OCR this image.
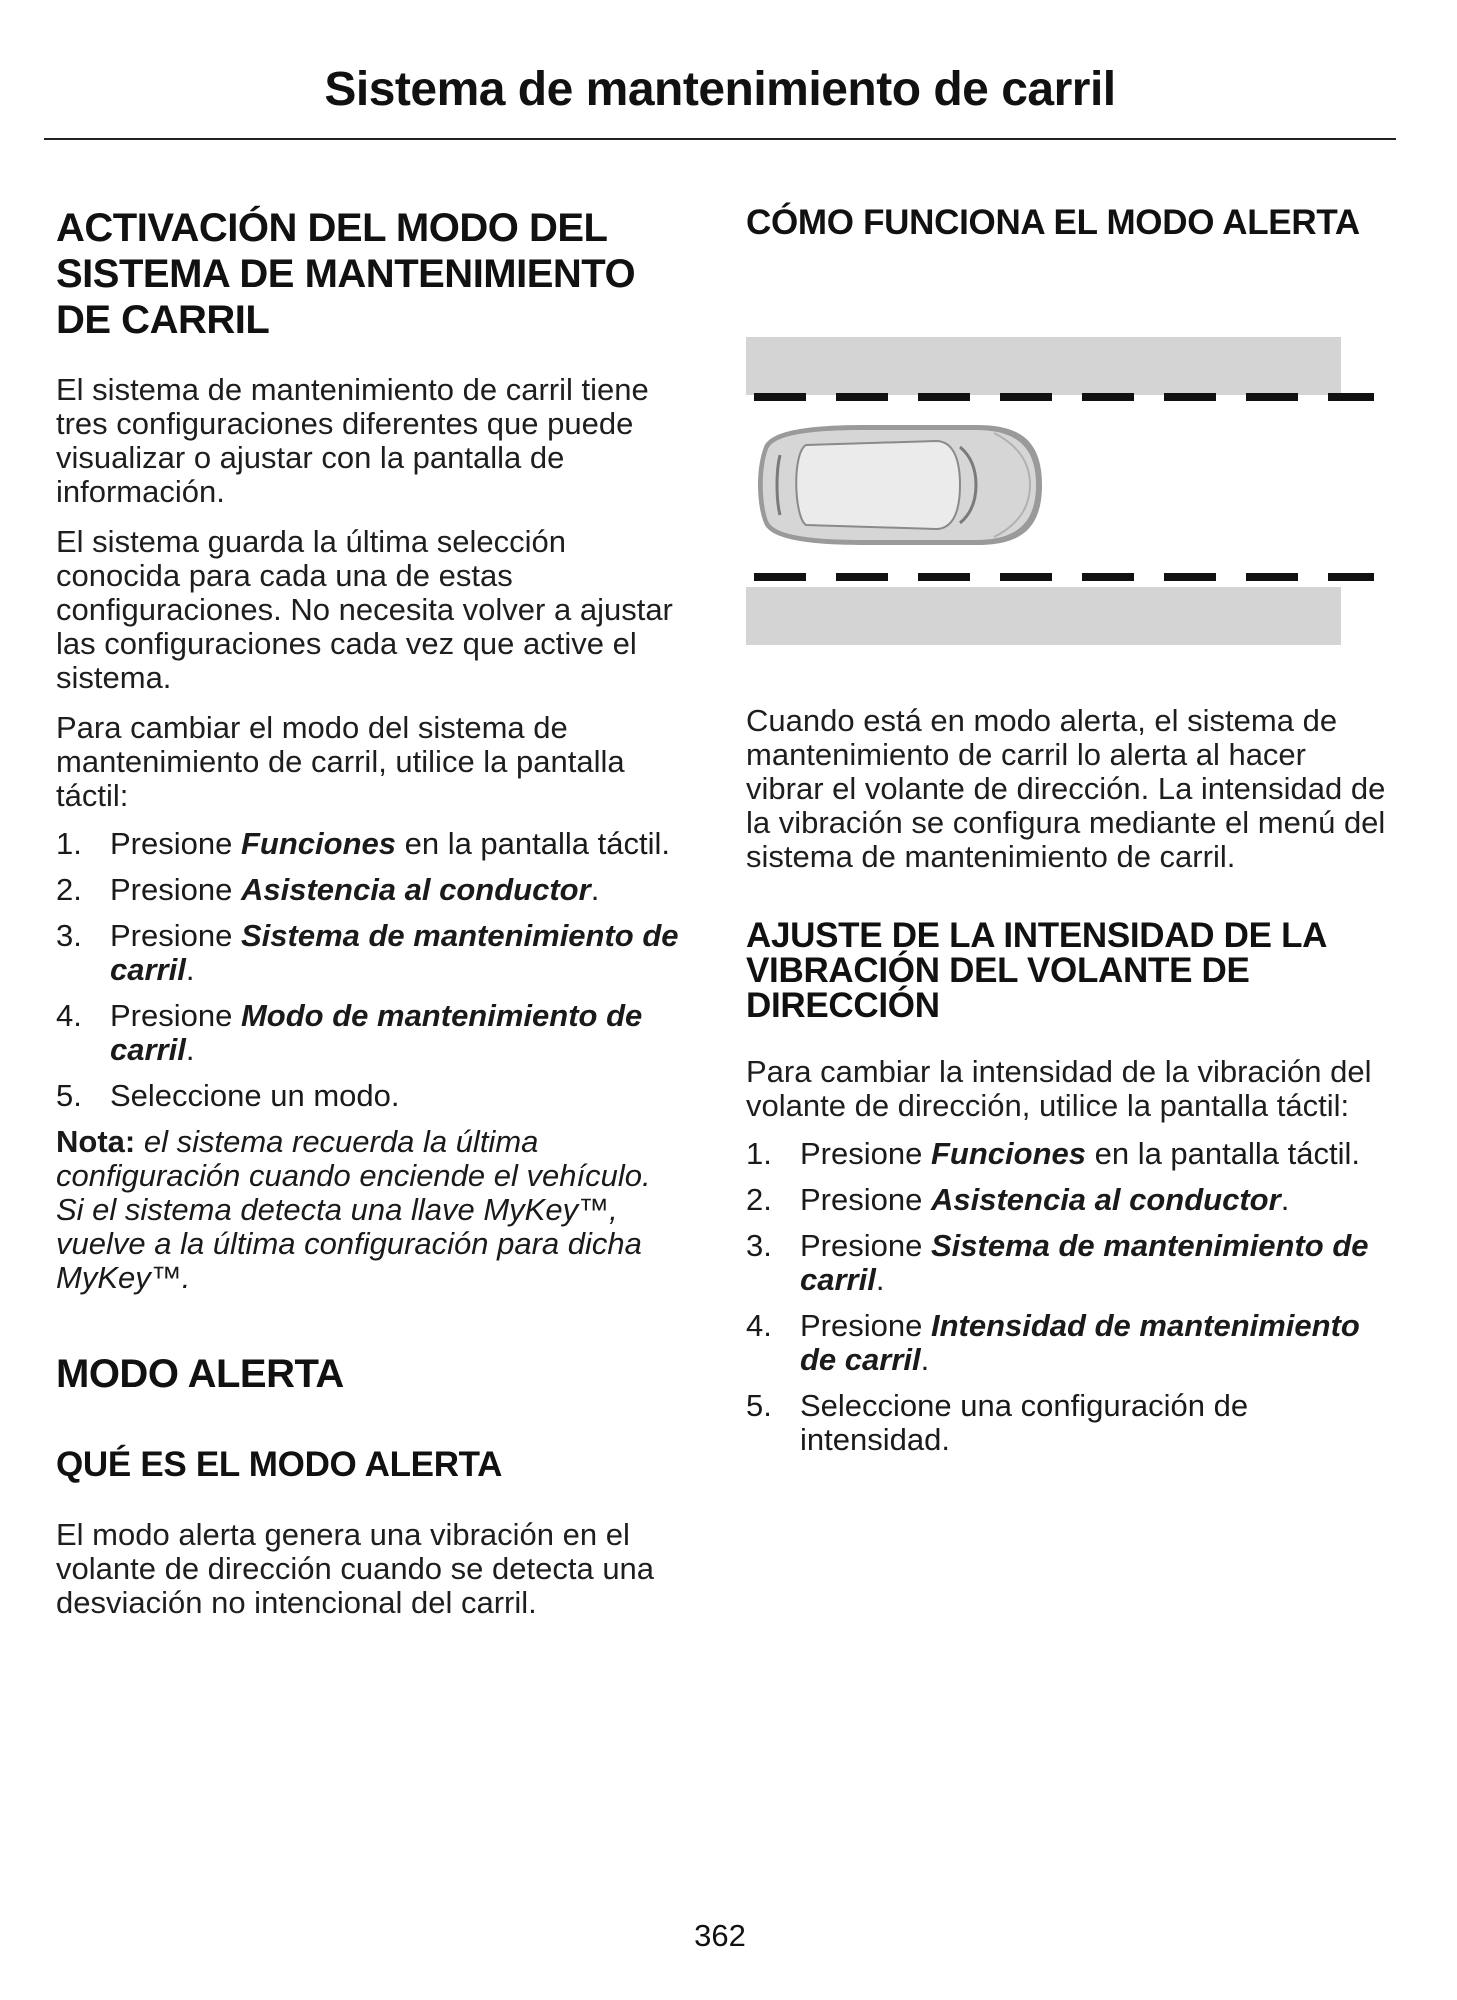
Sistema de mantenimiento de carril
ACTIVACIÓN DEL MODO DEL SISTEMA DE MANTENIMIENTO DE CARRIL

El sistema de mantenimiento de carril tiene tres configuraciones diferentes que puede visualizar o ajustar con la pantalla de información.

El sistema guarda la última selección conocida para cada una de estas configuraciones. No necesita volver a ajustar las configuraciones cada vez que active el sistema.

Para cambiar el modo del sistema de mantenimiento de carril, utilice la pantalla táctil:

1. Presione Funciones en la pantalla táctil.
2. Presione Asistencia al conductor.
3. Presione Sistema de mantenimiento de carril.
4. Presione Modo de mantenimiento de carril.
5. Seleccione un modo.

Nota: el sistema recuerda la última configuración cuando enciende el vehículo. Si el sistema detecta una llave MyKey™, vuelve a la última configuración para dicha MyKey™.

MODO ALERTA
QUÉ ES EL MODO ALERTA

El modo alerta genera una vibración en el volante de dirección cuando se detecta una desviación no intencional del carril.

CÓMO FUNCIONA EL MODO ALERTA

Cuando está en modo alerta, el sistema de mantenimiento de carril lo alerta al hacer vibrar el volante de dirección. La intensidad de la vibración se configura mediante el menú del sistema de mantenimiento de carril.

AJUSTE DE LA INTENSIDAD DE LA VIBRACIÓN DEL VOLANTE DE DIRECCIÓN

Para cambiar la intensidad de la vibración del volante de dirección, utilice la pantalla táctil:

1. Presione Funciones en la pantalla táctil.
2. Presione Asistencia al conductor.
3. Presione Sistema de mantenimiento de carril.
4. Presione Intensidad de mantenimiento de carril.
5. Seleccione una configuración de intensidad.
362
